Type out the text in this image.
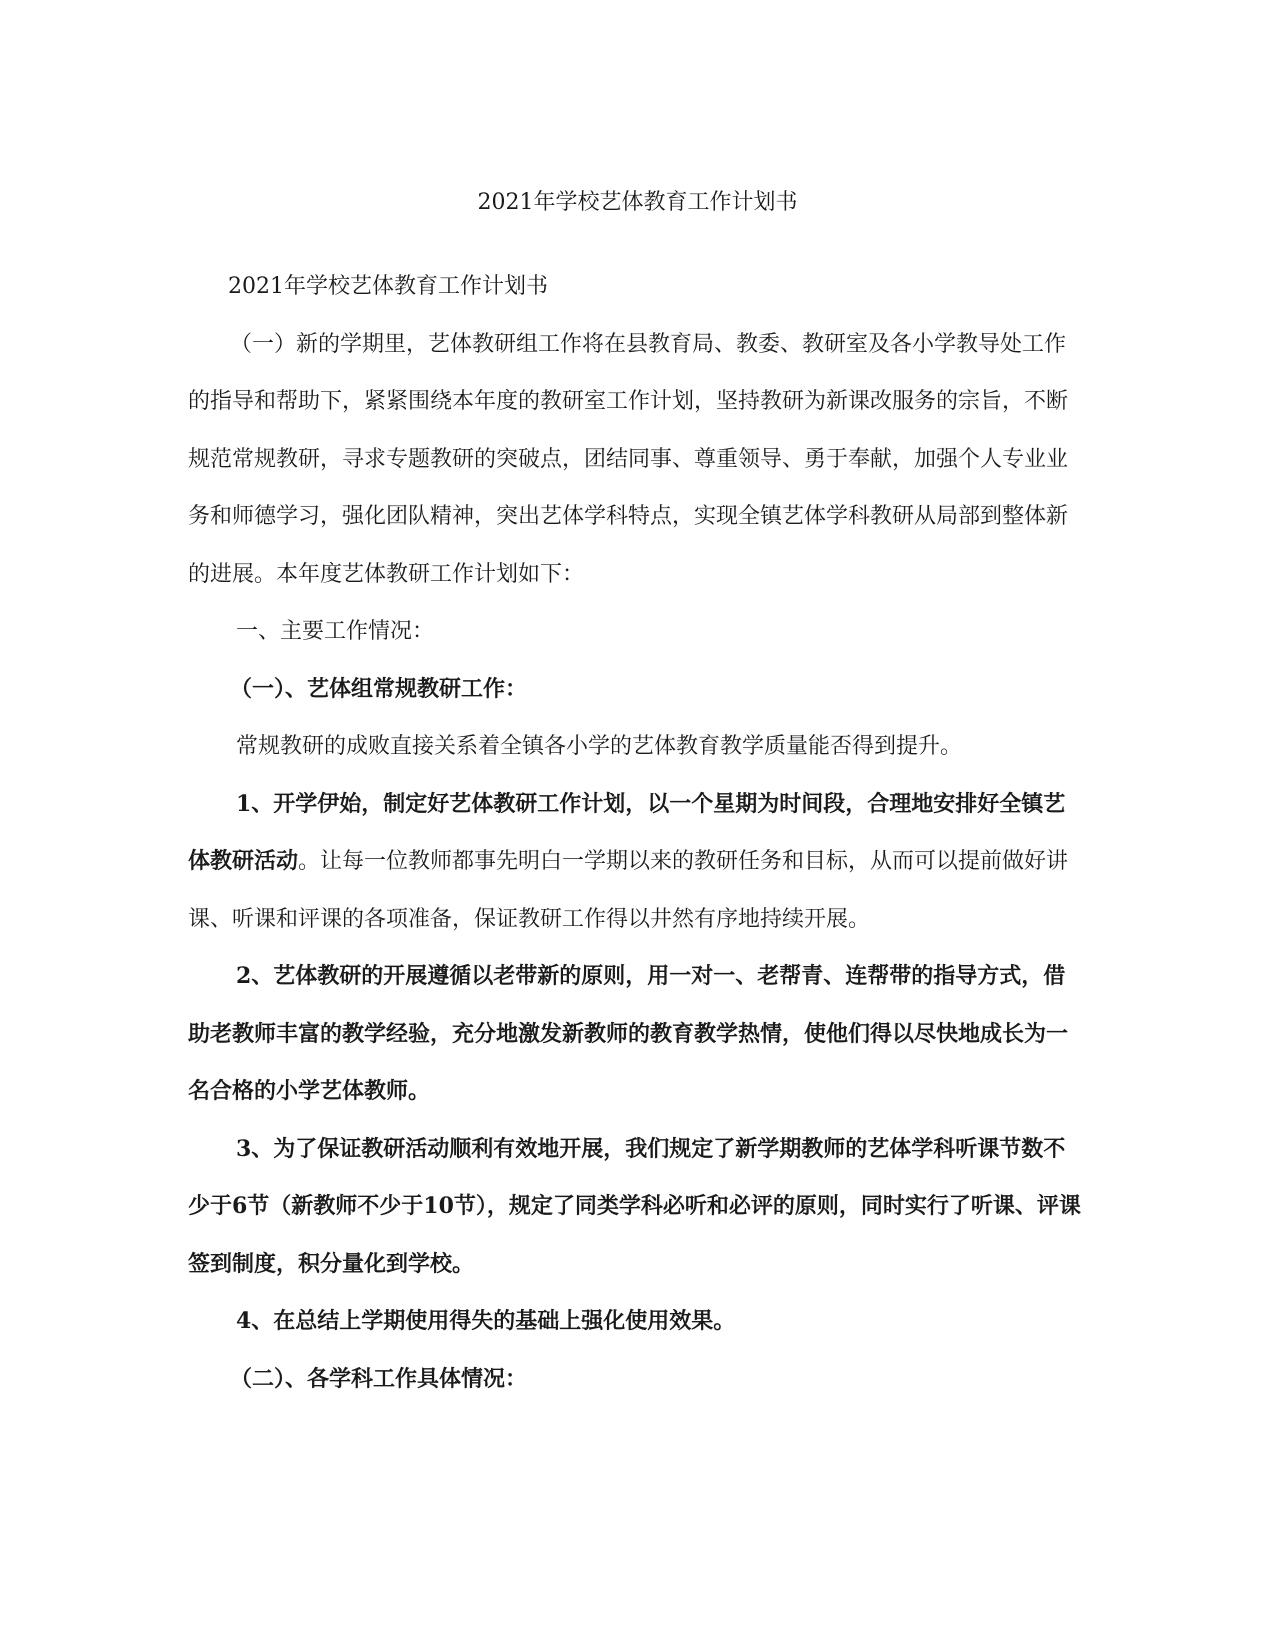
2021年学校艺体教育工作计划书

2021年学校艺体教育工作计划书

（一）新的学期里，艺体教研组工作将在县教育局、教委、教研室及各小学教导处工作的指导和帮助下，紧紧围绕本年度的教研室工作计划，坚持教研为新课改服务的宗旨，不断规范常规教研，寻求专题教研的突破点，团结同事、尊重领导、勇于奉献，加强个人专业业务和师德学习，强化团队精神，突出艺体学科特点，实现全镇艺体学科教研从局部到整体新的进展。本年度艺体教研工作计划如下：

一、主要工作情况：

（一）、艺体组常规教研工作：

常规教研的成败直接关系着全镇各小学的艺体教育教学质量能否得到提升。

1、开学伊始，制定好艺体教研工作计划，以一个星期为时间段，合理地安排好全镇艺体教研活动。让每一位教师都事先明白一学期以来的教研任务和目标，从而可以提前做好讲课、听课和评课的各项准备，保证教研工作得以井然有序地持续开展。

2、艺体教研的开展遵循以老带新的原则，用一对一、老帮青、连帮带的指导方式，借助老教师丰富的教学经验，充分地激发新教师的教育教学热情，使他们得以尽快地成长为一名合格的小学艺体教师。

3、为了保证教研活动顺利有效地开展，我们规定了新学期教师的艺体学科听课节数不少于6节（新教师不少于10节），规定了同类学科必听和必评的原则，同时实行了听课、评课签到制度，积分量化到学校。

4、在总结上学期使用得失的基础上强化使用效果。

（二）、各学科工作具体情况：
